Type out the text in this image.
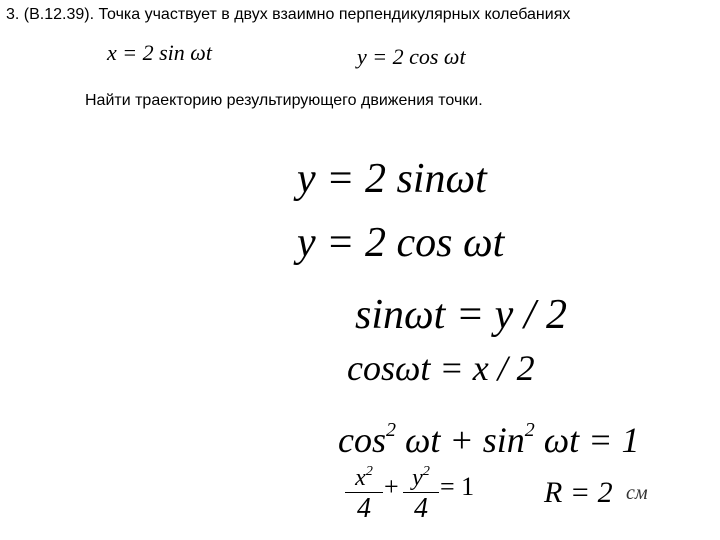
3. (В.12.39). Точка участвует в двух взаимно перпендикулярных колебаниях
x = 2 sin ωt	y = 2 cos ωt
Найти траекторию результирующего движения точки.
y = 2 sinωt
y = 2 cos ωt
sinωt = y / 2
cosωt = x / 2
$\cos^2 \omega t + \sin^2 \omega t = 1$
$\frac{x^2}{4} + \frac{y^2}{4} = 1$ R = 2 см
